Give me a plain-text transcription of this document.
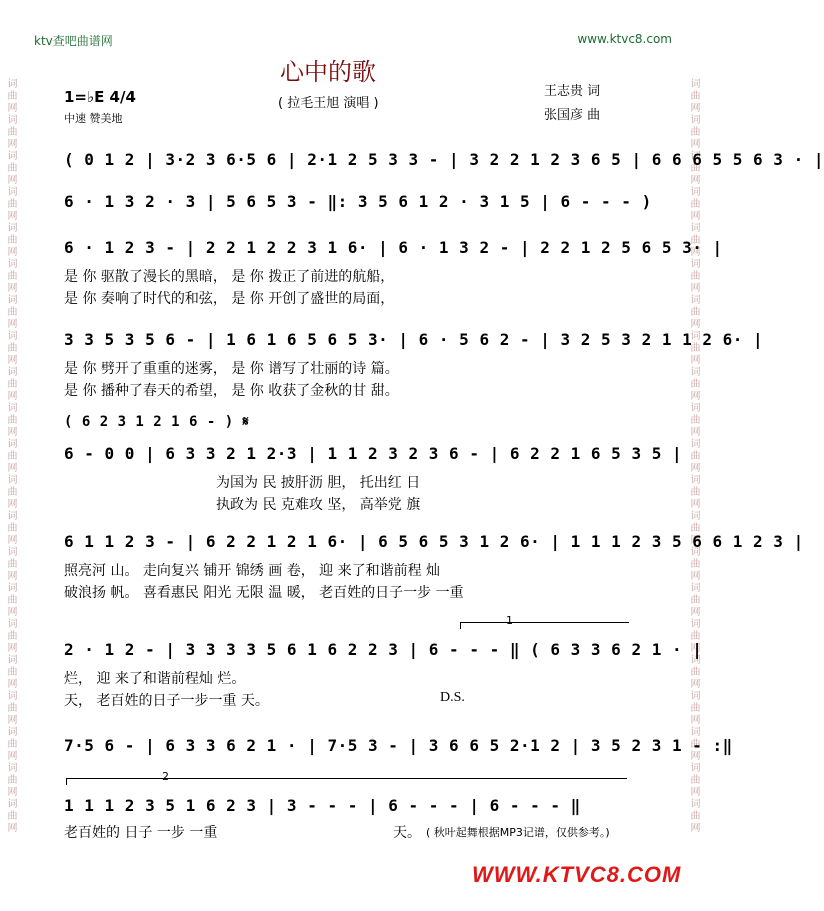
词曲网词曲网词曲网词曲网词曲网词曲网词曲网词曲网词曲网词曲网词曲网词曲网词曲网词曲网词曲网词曲网词曲网词曲网词曲网词曲网词曲网	词曲网词曲网词曲网词曲网词曲网词曲网词曲网词曲网词曲网词曲网词曲网词曲网词曲网词曲网词曲网词曲网词曲网词曲网词曲网词曲网词曲网
ktv查吧曲谱网	www.ktvc8.com
心中的歌
( 拉毛王旭 演唱 )
1=♭E 4/4
中速 赞美地
王志贵 词
张国彦 曲
( 0 1 2 | 3·2 3 6·5 6 | 2·1 2 5 3 3 - | 3 2 2 1 2 3 6 5 | 6 6 6 5 5 6 3 · |
6 · 1 3 2 · 3 | 5 6 5 3 - ‖: 3 5 6 1 2 · 3 1 5 | 6 - - - )
6 · 1 2 3 - | 2 2 1 2 2 3 1 6· | 6 · 1 3 2 - | 2 2 1 2 5 6 5 3· |
是 你 驱散了漫长的黑暗， 是 你 拨正了前进的航船，
是 你 奏响了时代的和弦， 是 你 开创了盛世的局面，
3 3 5 3 5 6 - | 1 6 1 6 5 6 5 3· | 6 · 5 6 2 - | 3 2 5 3 2 1 1 2 6· |
是 你 劈开了重重的迷雾， 是 你 谱写了壮丽的诗 篇。
是 你 播种了春天的希望， 是 你 收获了金秋的甘 甜。
( 6 2 3 1 2 1 6 - ) 𝄋
6 - 0 0 | 6 3 3 2 1 2·3 | 1 1 2 3 2 3 6 - | 6 2 2 1 6 5 3 5 |
为国为 民 披肝沥 胆， 托出红 日
执政为 民 克难攻 坚， 高举党 旗
6 1 1 2 3 - | 6 2 2 1 2 1 6· | 6 5 6 5 3 1 2 6· | 1 1 1 2 3 5 6 6 1 2 3 |
照亮河 山。 走向复兴 铺开 锦绣 画 卷， 迎 来了和谐前程 灿
破浪扬 帆。 喜看惠民 阳光 无限 温 暖， 老百姓的日子一步 一重
1
2 · 1 2 - | 3 3 3 3 5 6 1 6 2 2 3 | 6 - - - ‖ ( 6 3 3 6 2 1 · |
烂， 迎 来了和谐前程灿 烂。
天， 老百姓的日子一步一重 天。	D.S.
7·5 6 - | 6 3 3 6 2 1 · | 7·5 3 - | 3 6 6 5 2·1 2 | 3 5 2 3 1 - :‖
2
1 1 1 2 3 5 1 6 2 3 | 3 - - - | 6 - - - | 6 - - - ‖
老百姓的 日子 一步 一重	天。 ( 秋叶起舞根据MP3记谱，仅供参考。)
WWW.KTVC8.COM
